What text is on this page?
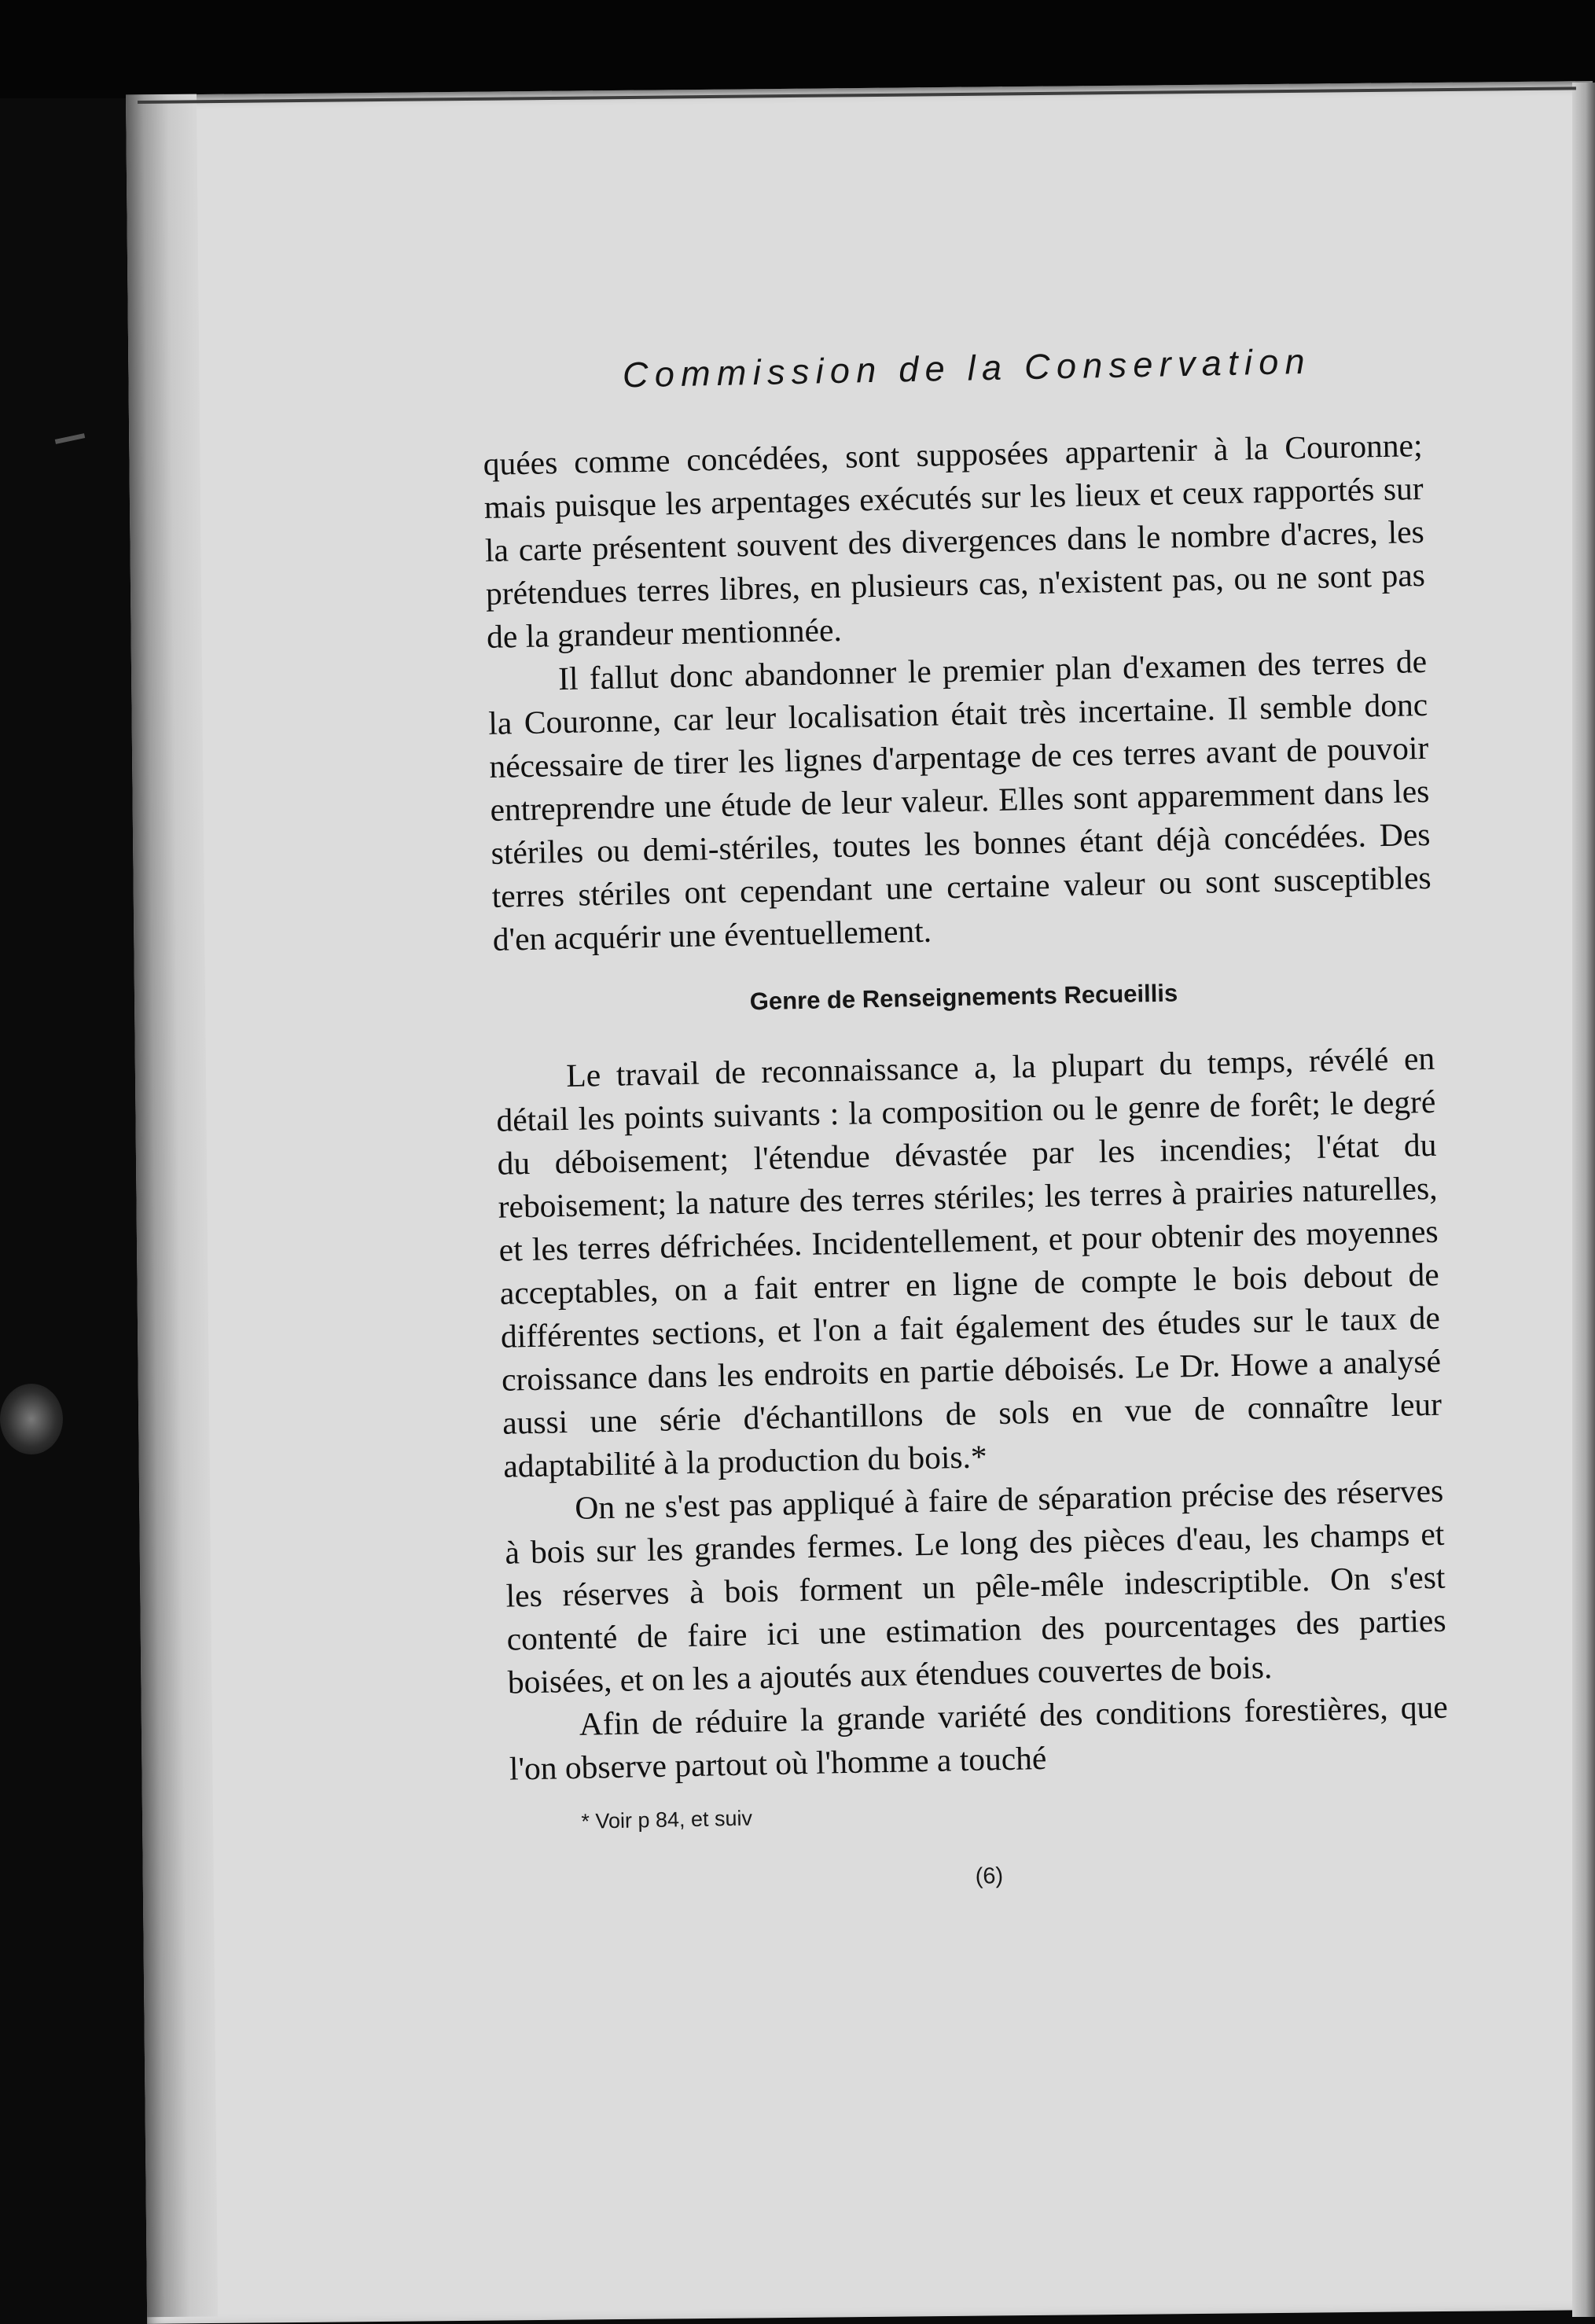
Commission de la Conservation

quées comme concédées, sont supposées appartenir à la Couronne; mais puisque les arpentages exécutés sur les lieux et ceux rapportés sur la carte présentent souvent des divergences dans le nombre d'acres, les prétendues terres libres, en plusieurs cas, n'existent pas, ou ne sont pas de la grandeur mentionnée.

Il fallut donc abandonner le premier plan d'examen des terres de la Couronne, car leur localisation était très incertaine. Il semble donc nécessaire de tirer les lignes d'arpentage de ces terres avant de pouvoir entreprendre une étude de leur valeur. Elles sont apparemment dans les stériles ou demi-stériles, toutes les bonnes étant déjà concédées. Des terres stériles ont cependant une certaine valeur ou sont susceptibles d'en acquérir une éventuellement.

Genre de Renseignements Recueillis

Le travail de reconnaissance a, la plupart du temps, révélé en détail les points suivants : la composition ou le genre de forêt; le degré du déboisement; l'étendue dévastée par les incendies; l'état du reboisement; la nature des terres stériles; les terres à prairies naturelles, et les terres défrichées. Incidentellement, et pour obtenir des moyennes acceptables, on a fait entrer en ligne de compte le bois debout de différentes sections, et l'on a fait également des études sur le taux de croissance dans les endroits en partie déboisés. Le Dr. Howe a analysé aussi une série d'échantillons de sols en vue de connaître leur adaptabilité à la production du bois.*

On ne s'est pas appliqué à faire de séparation précise des réserves à bois sur les grandes fermes. Le long des pièces d'eau, les champs et les réserves à bois forment un pêle-mêle indescriptible. On s'est contenté de faire ici une estimation des pourcentages des parties boisées, et on les a ajoutés aux étendues couvertes de bois.

Afin de réduire la grande variété des conditions forestières, que l'on observe partout où l'homme a touché

* Voir p 84, et suiv
(6)
